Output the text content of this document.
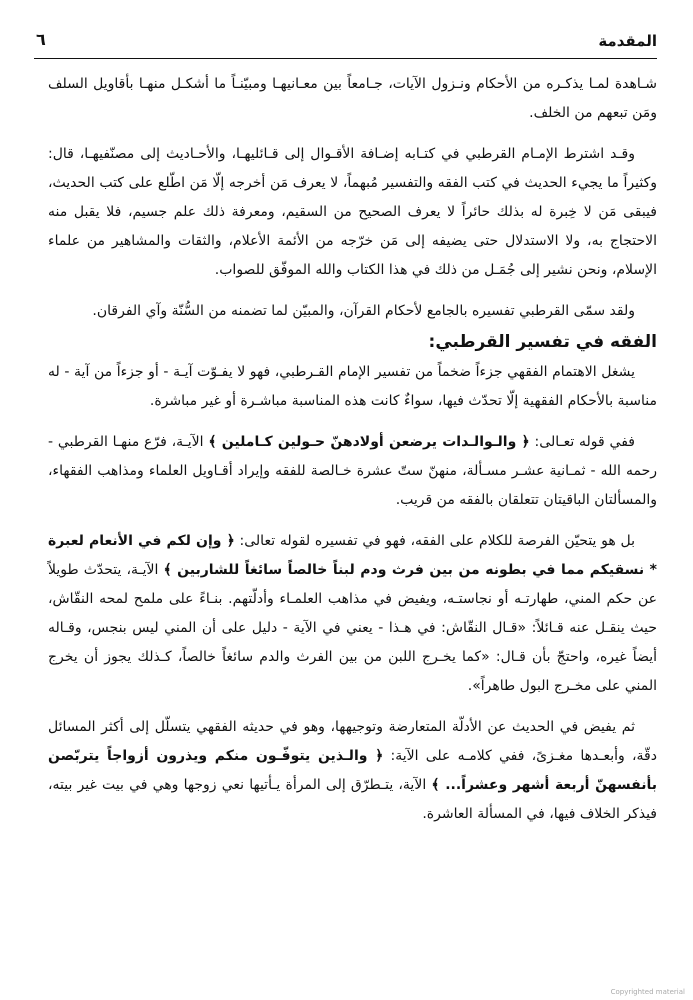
المقدمة
٦

شـاهدة لمـا يذكـره من الأحكام ونـزول الآيات، جـامعاً بين معـانيهـا ومبيّنـاً ما أشكـل منهـا بأقاويل السلف ومَن تبعهم من الخلف.

وقـد اشترط الإمـام القرطبي في كتـابه إضـافة الأقـوال إلى قـائليهـا، والأحـاديث إلى مصنّفيهـا، قال: وكثيراً ما يجيء الحديث في كتب الفقه والتفسير مُبهماً، لا يعرف مَن أخرجه إلّا مَن اطّلع على كتب الحديث، فيبقى مَن لا خِبرة له بذلك حائراً لا يعرف الصحيح من السقيم، ومعرفة ذلك علم جسيم، فلا يقبل منه الاحتجاج به، ولا الاستدلال حتى يضيفه إلى مَن خرّجه من الأئمة الأعلام، والثقات والمشاهير من علماء الإسلام، ونحن نشير إلى جُمَـل من ذلك في هذا الكتاب والله الموفّق للصواب.

ولقد سمّى القرطبي تفسيره بالجامع لأحكام القرآن، والمبيّن لما تضمنه من السُّنّة وآي الفرقان.

الفقه في تفسير القرطبي:

يشغل الاهتمام الفقهي جزءاً ضخماً من تفسير الإمام القـرطبي، فهو لا يفـوّت آيـة - أو جزءاً من آية - له مناسبة بالأحكام الفقهية إلّا تحدّث فيها، سواءٌ كانت هذه المناسبة مباشـرة أو غير مباشرة.

ففي قوله تعـالى: ﴿ والـوالـدات يرضعن أولادهنّ حـولين كـاملين ﴾ الآيـة، فرّع منهـا القرطبي - رحمه الله - ثمـانية عشـر مسـألة، منهنّ ستّ عشرة خـالصة للفقه وإيراد أقـاويل العلماء ومذاهب الفقهاء، والمسألتان الباقيتان تتعلقان بالفقه من قريب.

بل هو يتحيّن الفرصة للكلام على الفقه، فهو في تفسيره لقوله تعالى: ﴿ وإن لكم في الأنعام لعبرة * نسقيكم مما في بطونه من بين فرث ودم لبناً خالصاً سائغاً للشاربين ﴾ الآيـة، يتحدّث طويلاً عن حكم المني، طهارتـه أو نجاستـه، ويفيض في مذاهب العلمـاء وأدلّتهم. بنـاءً على ملمح لمحه النقّاش، حيث ينقـل عنه قـائلاً: «قـال النقّاش: في هـذا - يعني في الآية - دليل على أن المني ليس بنجس، وقـاله أيضاً غيره، واحتجّ بأن قـال: «كما يخـرج اللبن من بين الفرث والدم سائغاً خالصاً، كـذلك يجوز أن يخرج المني على مخـرج البول طاهراً».

ثم يفيض في الحديث عن الأدلّة المتعارضة وتوجيهها، وهو في حديثه الفقهي يتسلّل إلى أكثر المسائل دقّة، وأبعـدها مغـزىً، ففي كلامـه على الآية: ﴿ والـذين يتوفّـون منكم ويذرون أزواجاً يتربّصن بأنفسهنّ أربعة أشهر وعشراً... ﴾ الآية، يتـطرّق إلى المرأة يـأتيها نعي زوجها وهي في بيت غير بيته، فيذكر الخلاف فيها، في المسألة العاشرة.

Copyrighted material
